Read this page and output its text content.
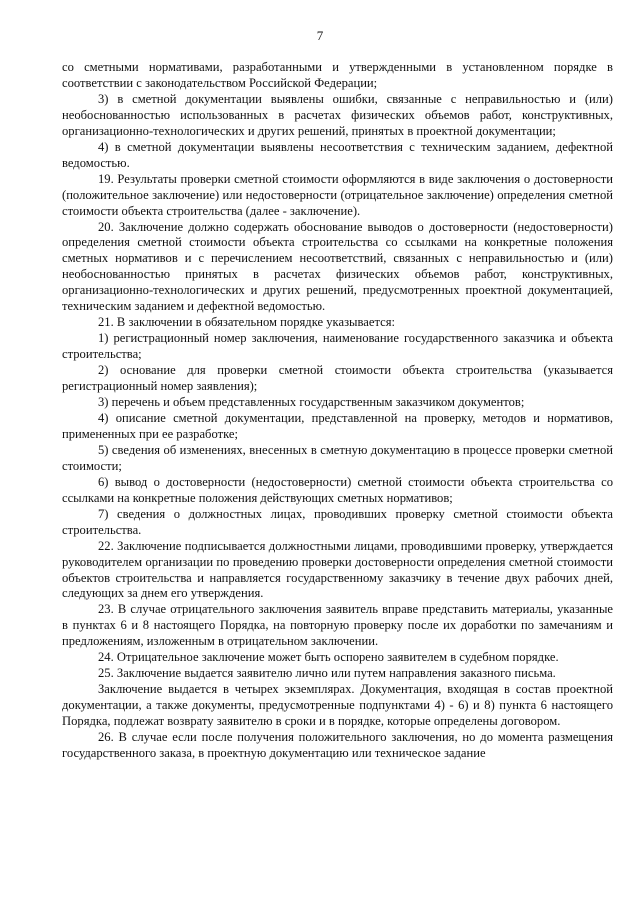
7

со сметными нормативами, разработанными и утвержденными в установленном порядке в соответствии с законодательством Российской Федерации;

3) в сметной документации выявлены ошибки, связанные с неправильностью и (или) необоснованностью использованных в расчетах физических объемов работ, конструктивных, организационно-технологических и других решений, принятых в проектной документации;

4) в сметной документации выявлены несоответствия с техническим заданием, дефектной ведомостью.

19. Результаты проверки сметной стоимости оформляются в виде заключения о достоверности (положительное заключение) или недостоверности (отрицательное заключение) определения сметной стоимости объекта строительства (далее - заключение).

20. Заключение должно содержать обоснование выводов о достоверности (недостоверности) определения сметной стоимости объекта строительства со ссылками на конкретные положения сметных нормативов и с перечислением несоответствий, связанных с неправильностью и (или) необоснованностью принятых в расчетах физических объемов работ, конструктивных, организационно-технологических и других решений, предусмотренных проектной документацией, техническим заданием и дефектной ведомостью.

21. В заключении в обязательном порядке указывается:

1) регистрационный номер заключения, наименование государственного заказчика и объекта строительства;

2) основание для проверки сметной стоимости объекта строительства (указывается регистрационный номер заявления);

3) перечень и объем представленных государственным заказчиком документов;

4) описание сметной документации, представленной на проверку, методов и нормативов, примененных при ее разработке;

5) сведения об изменениях, внесенных в сметную документацию в процессе проверки сметной стоимости;

6) вывод о достоверности (недостоверности) сметной стоимости объекта строительства со ссылками на конкретные положения действующих сметных нормативов;

7) сведения о должностных лицах, проводивших проверку сметной стоимости объекта строительства.

22. Заключение подписывается должностными лицами, проводившими проверку, утверждается руководителем организации по проведению проверки достоверности определения сметной стоимости объектов строительства и направляется государственному заказчику в течение двух рабочих дней, следующих за днем его утверждения.

23. В случае отрицательного заключения заявитель вправе представить материалы, указанные в пунктах 6 и 8 настоящего Порядка, на повторную проверку после их доработки по замечаниям и предложениям, изложенным в отрицательном заключении.

24. Отрицательное заключение может быть оспорено заявителем в судебном порядке.

25. Заключение выдается заявителю лично или путем направления заказного письма.

Заключение выдается в четырех экземплярах. Документация, входящая в состав проектной документации, а также документы, предусмотренные подпунктами 4) - 6) и 8) пункта 6 настоящего Порядка, подлежат возврату заявителю в сроки и в порядке, которые определены договором.

26. В случае если после получения положительного заключения, но до момента размещения государственного заказа, в проектную документацию или техническое задание
